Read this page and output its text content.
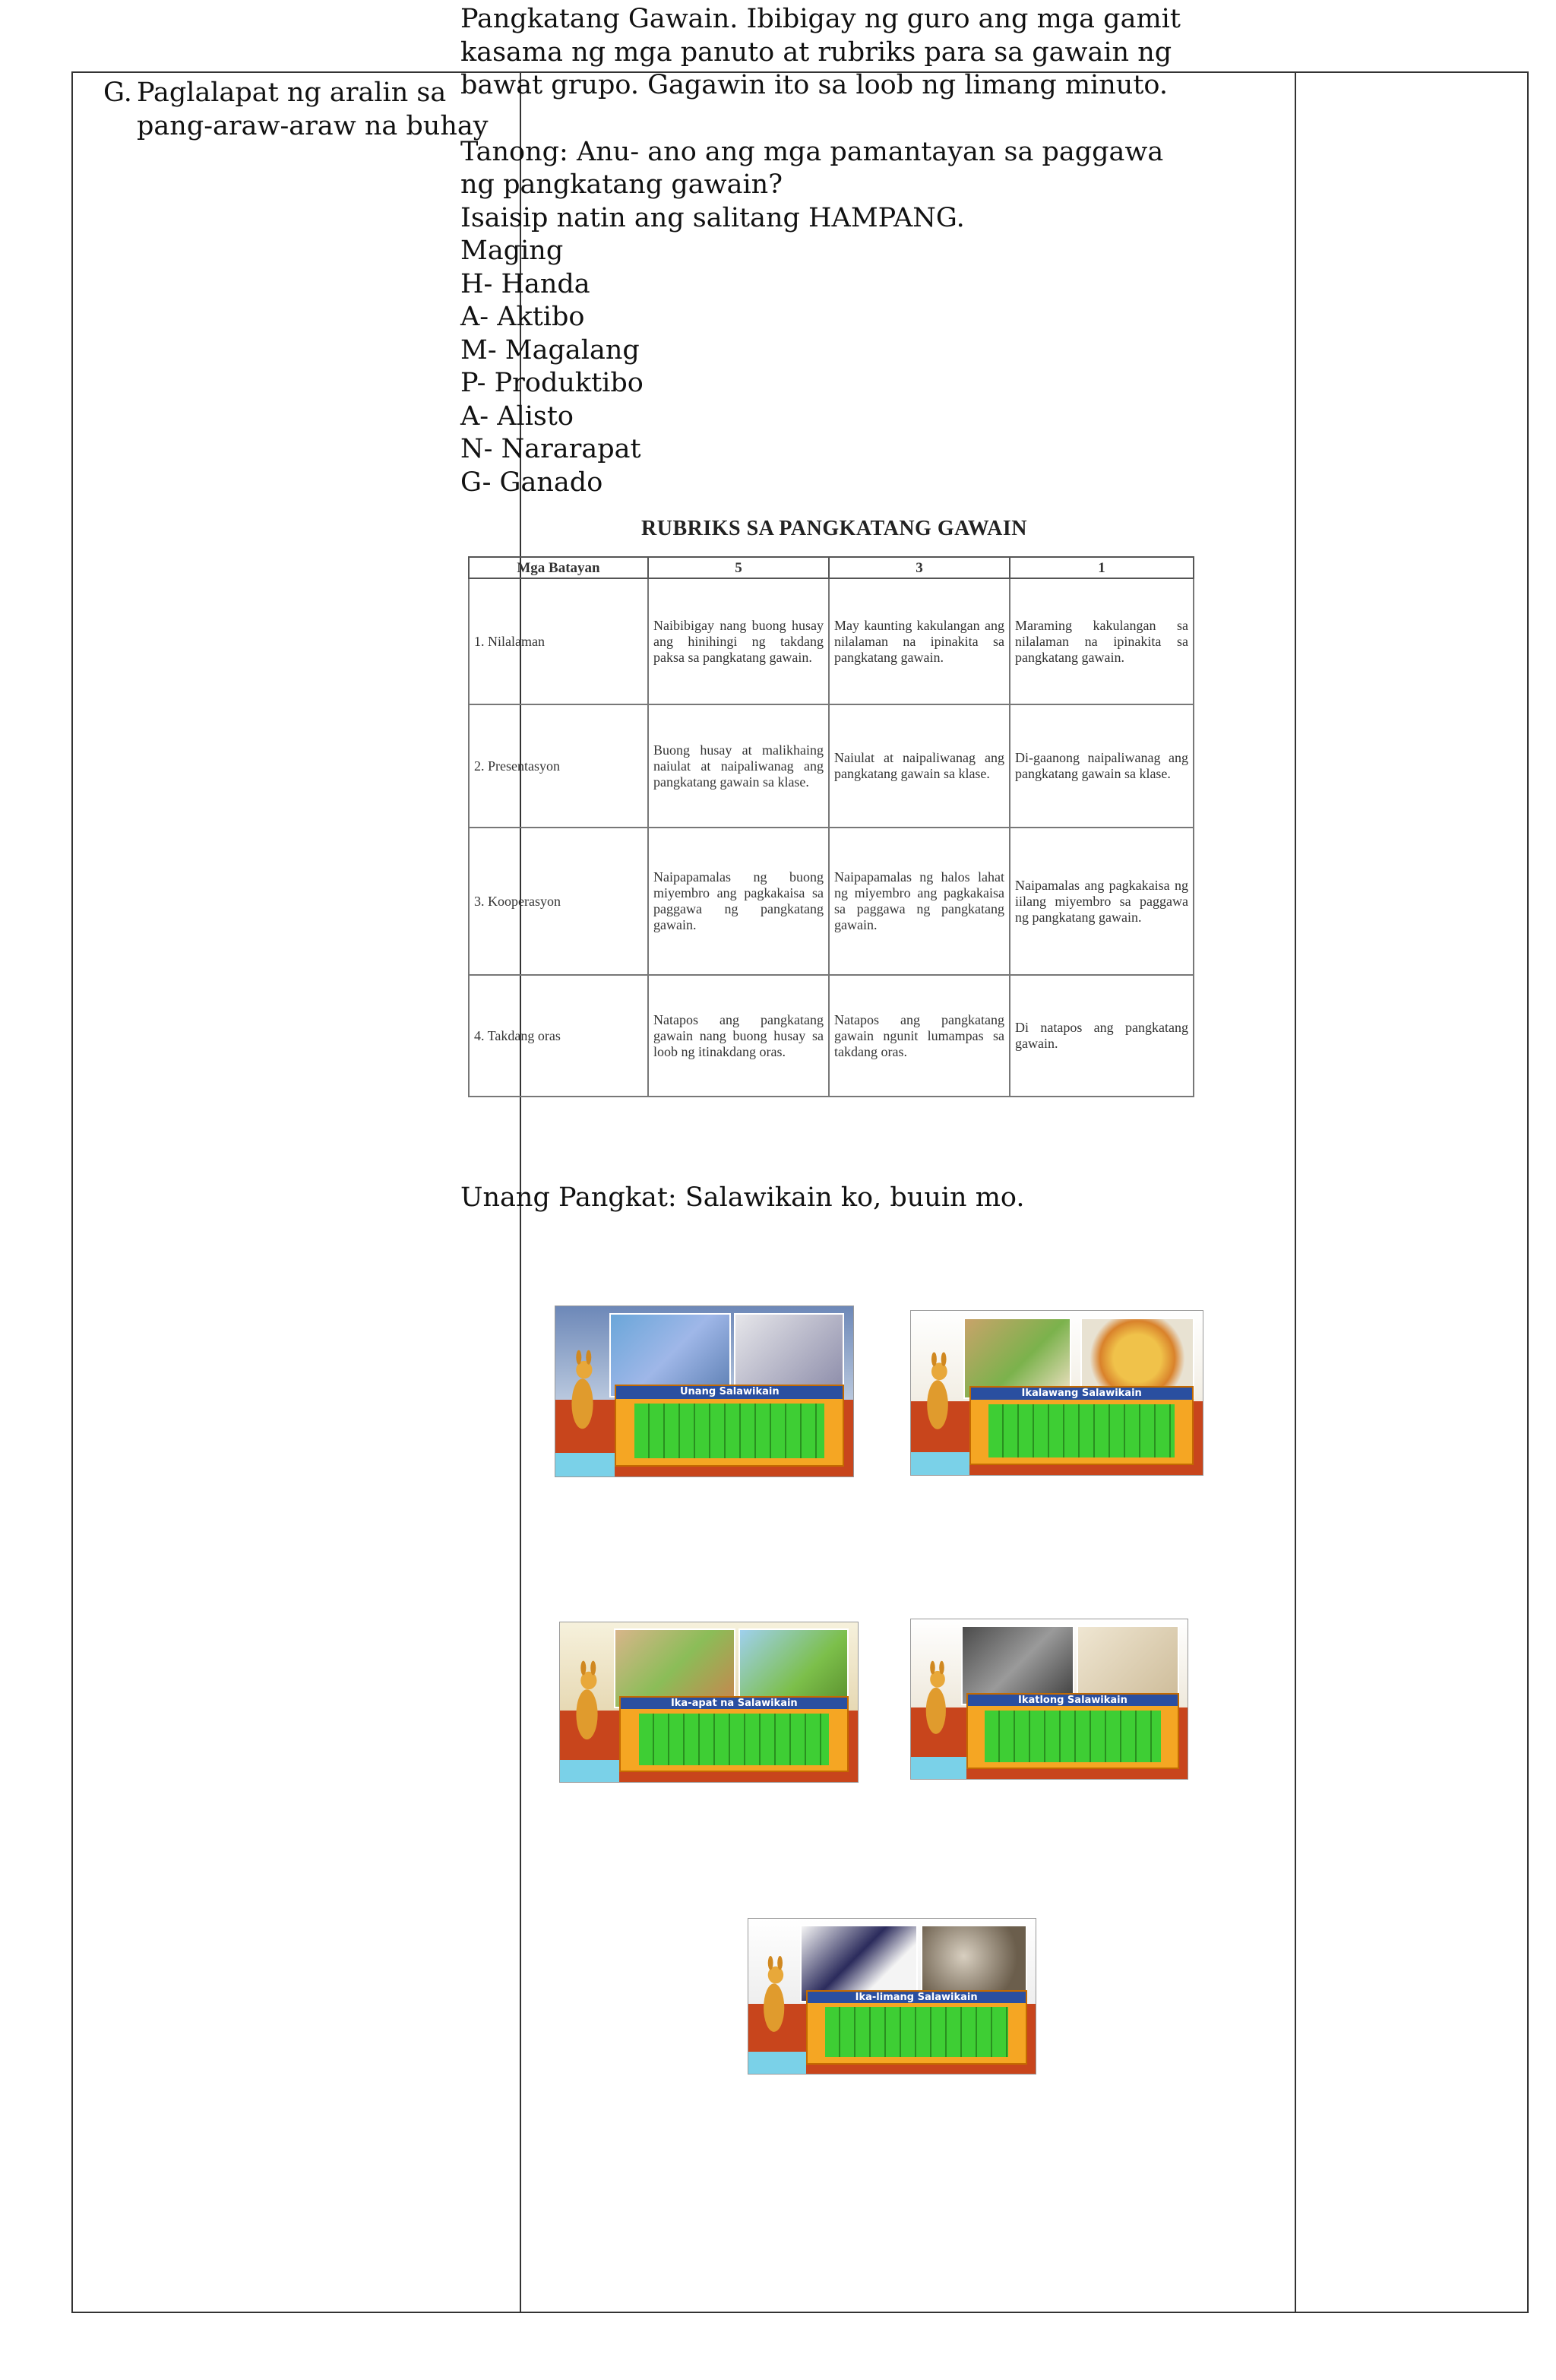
G. Paglalapat ng aralin sa
pang-araw-araw na buhay

Pangkatang Gawain. Ibibigay ng guro ang mga gamit

kasama ng mga panuto at rubriks para sa gawain ng

bawat grupo. Gagawin ito sa loob ng limang minuto.

Tanong: Anu- ano ang mga pamantayan sa paggawa

ng pangkatang gawain?

Isaisip natin ang salitang HAMPANG.

Maging

H- Handa

A- Aktibo

M- Magalang

P- Produktibo

A- Alisto

N- Nararapat

G- Ganado

RUBRIKS SA PANGKATANG GAWAIN
Mga Batayan	5	3	1
1. Nilalaman	Naibibigay nang buong husay ang hinihingi ng takdang paksa sa pangkatang gawain.	May kaunting kakulangan ang nilalaman na ipinakita sa pangkatang gawain.	Maraming kakulangan sa nilalaman na ipinakita sa pangkatang gawain.
2. Presentasyon	Buong husay at malikhaing naiulat at naipaliwanag ang pangkatang gawain sa klase.	Naiulat at naipaliwanag ang pangkatang gawain sa klase.	Di-gaanong naipaliwanag ang pangkatang gawain sa klase.
3. Kooperasyon	Naipapamalas ng buong miyembro ang pagkakaisa sa paggawa ng pangkatang gawain.	Naipapamalas ng halos lahat ng miyembro ang pagkakaisa sa paggawa ng pangkatang gawain.	Naipamalas ang pagkakaisa ng iilang miyembro sa paggawa ng pangkatang gawain.
4. Takdang oras	Natapos ang pangkatang gawain nang buong husay sa loob ng itinakdang oras.	Natapos ang pangkatang gawain ngunit lumampas sa takdang oras.	Di natapos ang pangkatang gawain.
Unang Pangkat: Salawikain ko, buuin mo.
Unang Salawikain	Ikalawang Salawikain
Ika-apat na Salawikain	Ikatlong Salawikain
Ika-limang Salawikain
